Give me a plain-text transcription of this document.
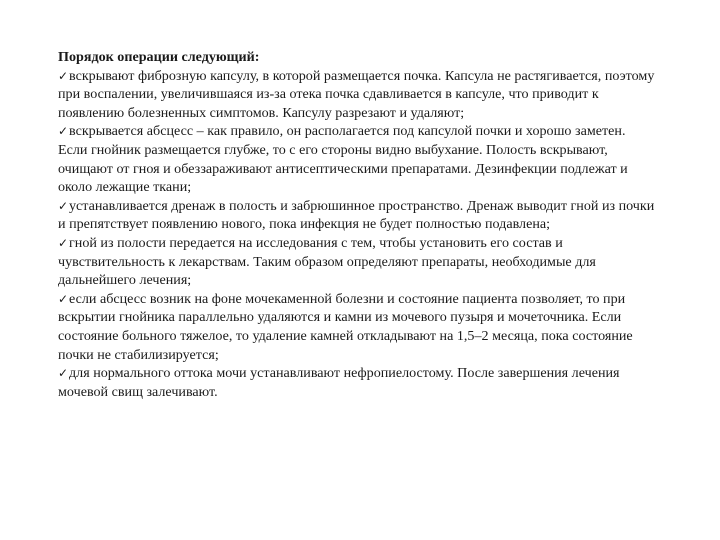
Порядок операции следующий:

✓вскрывают фиброзную капсулу, в которой размещается почка. Капсула не растягивается, поэтому при воспалении, увеличившаяся из-за отека почка сдавливается в капсуле, что приводит к появлению болезненных симптомов. Капсулу разрезают и удаляют;

✓вскрывается абсцесс – как правило, он располагается под капсулой почки и хорошо заметен. Если гнойник размещается глубже, то с его стороны видно выбухание. Полость вскрывают, очищают от гноя и обеззараживают антисептическими препаратами. Дезинфекции подлежат и около лежащие ткани;

✓устанавливается дренаж в полость и забрюшинное пространство. Дренаж выводит гной из почки и препятствует появлению нового, пока инфекция не будет полностью подавлена;

✓гной из полости передается на исследования с тем, чтобы установить его состав и чувствительность к лекарствам. Таким образом определяют препараты, необходимые для дальнейшего лечения;

✓если абсцесс возник на фоне мочекаменной болезни и состояние пациента позволяет, то при вскрытии гнойника параллельно удаляются и камни из мочевого пузыря и мочеточника. Если состояние больного тяжелое, то удаление камней откладывают на 1,5–2 месяца, пока состояние почки не стабилизируется;

✓для нормального оттока мочи устанавливают нефропиелостому. После завершения лечения мочевой свищ залечивают.
